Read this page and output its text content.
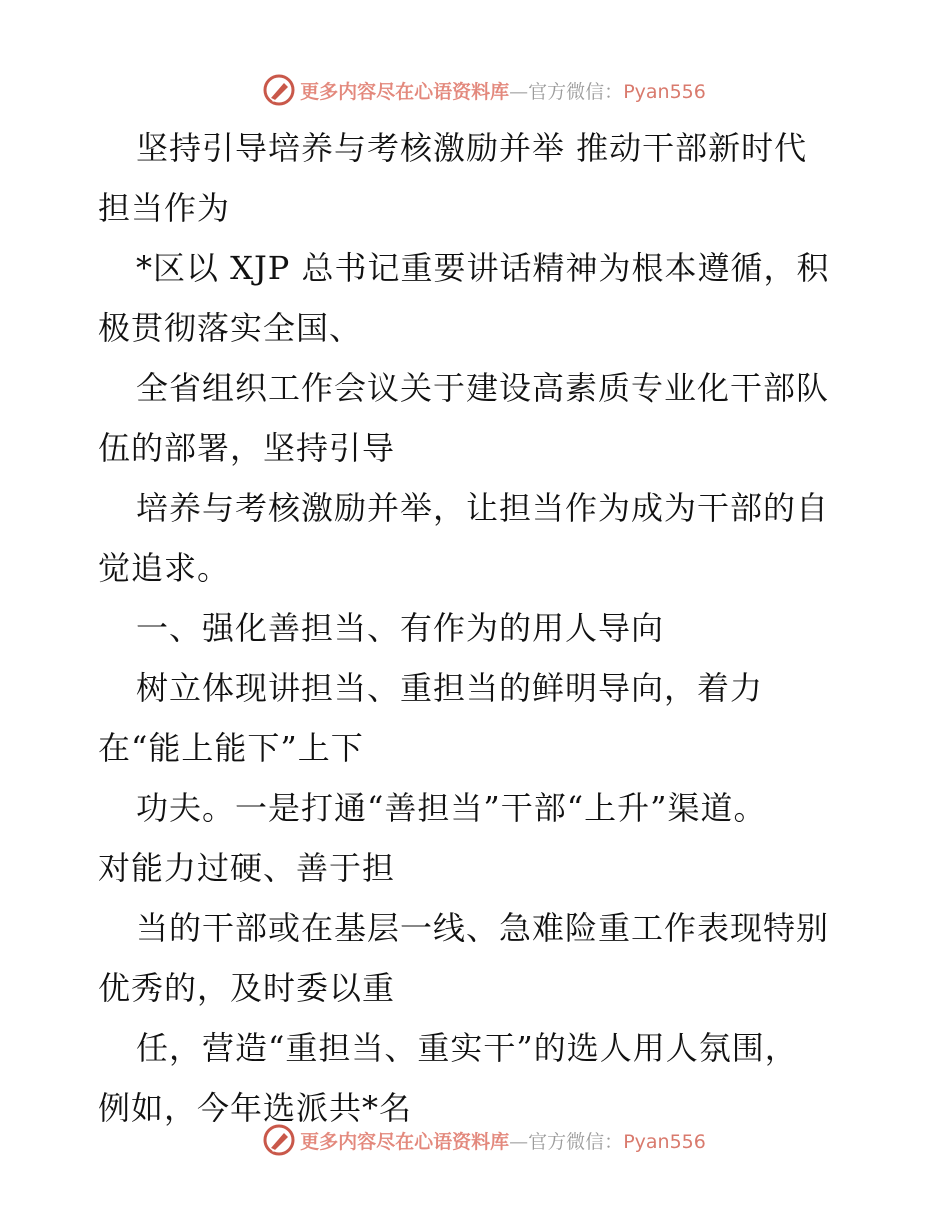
更多内容尽在心语资料库—官方微信：Pyan556
坚持引导培养与考核激励并举 推动干部新时代
担当作为
*区以 XJP 总书记重要讲话精神为根本遵循，积
极贯彻落实全国、
全省组织工作会议关于建设高素质专业化干部队
伍的部署，坚持引导
培养与考核激励并举，让担当作为成为干部的自
觉追求。
一、强化善担当、有作为的用人导向
树立体现讲担当、重担当的鲜明导向，着力
在“能上能下”上下
功夫。一是打通“善担当”干部“上升”渠道。
对能力过硬、善于担
当的干部或在基层一线、急难险重工作表现特别
优秀的，及时委以重
任，营造“重担当、重实干”的选人用人氛围，
例如，今年选派共*名
更多内容尽在心语资料库—官方微信：Pyan556
